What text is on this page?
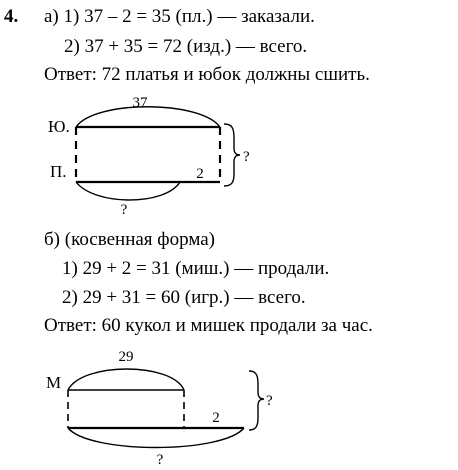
4. а) 1) 37 – 2 = 35 (пл.) — заказали.
2) 37 + 35 = 72 (изд.) — всего.
Ответ: 72 платья и юбок должны сшить.
б) (косвенная форма)
1) 29 + 2 = 31 (миш.) — продали.
2) 29 + 31 = 60 (игр.) — всего.
Ответ: 60 кукол и мишек продали за час.
37
Ю.
П.	2
?
?
29
М
2
?
?
